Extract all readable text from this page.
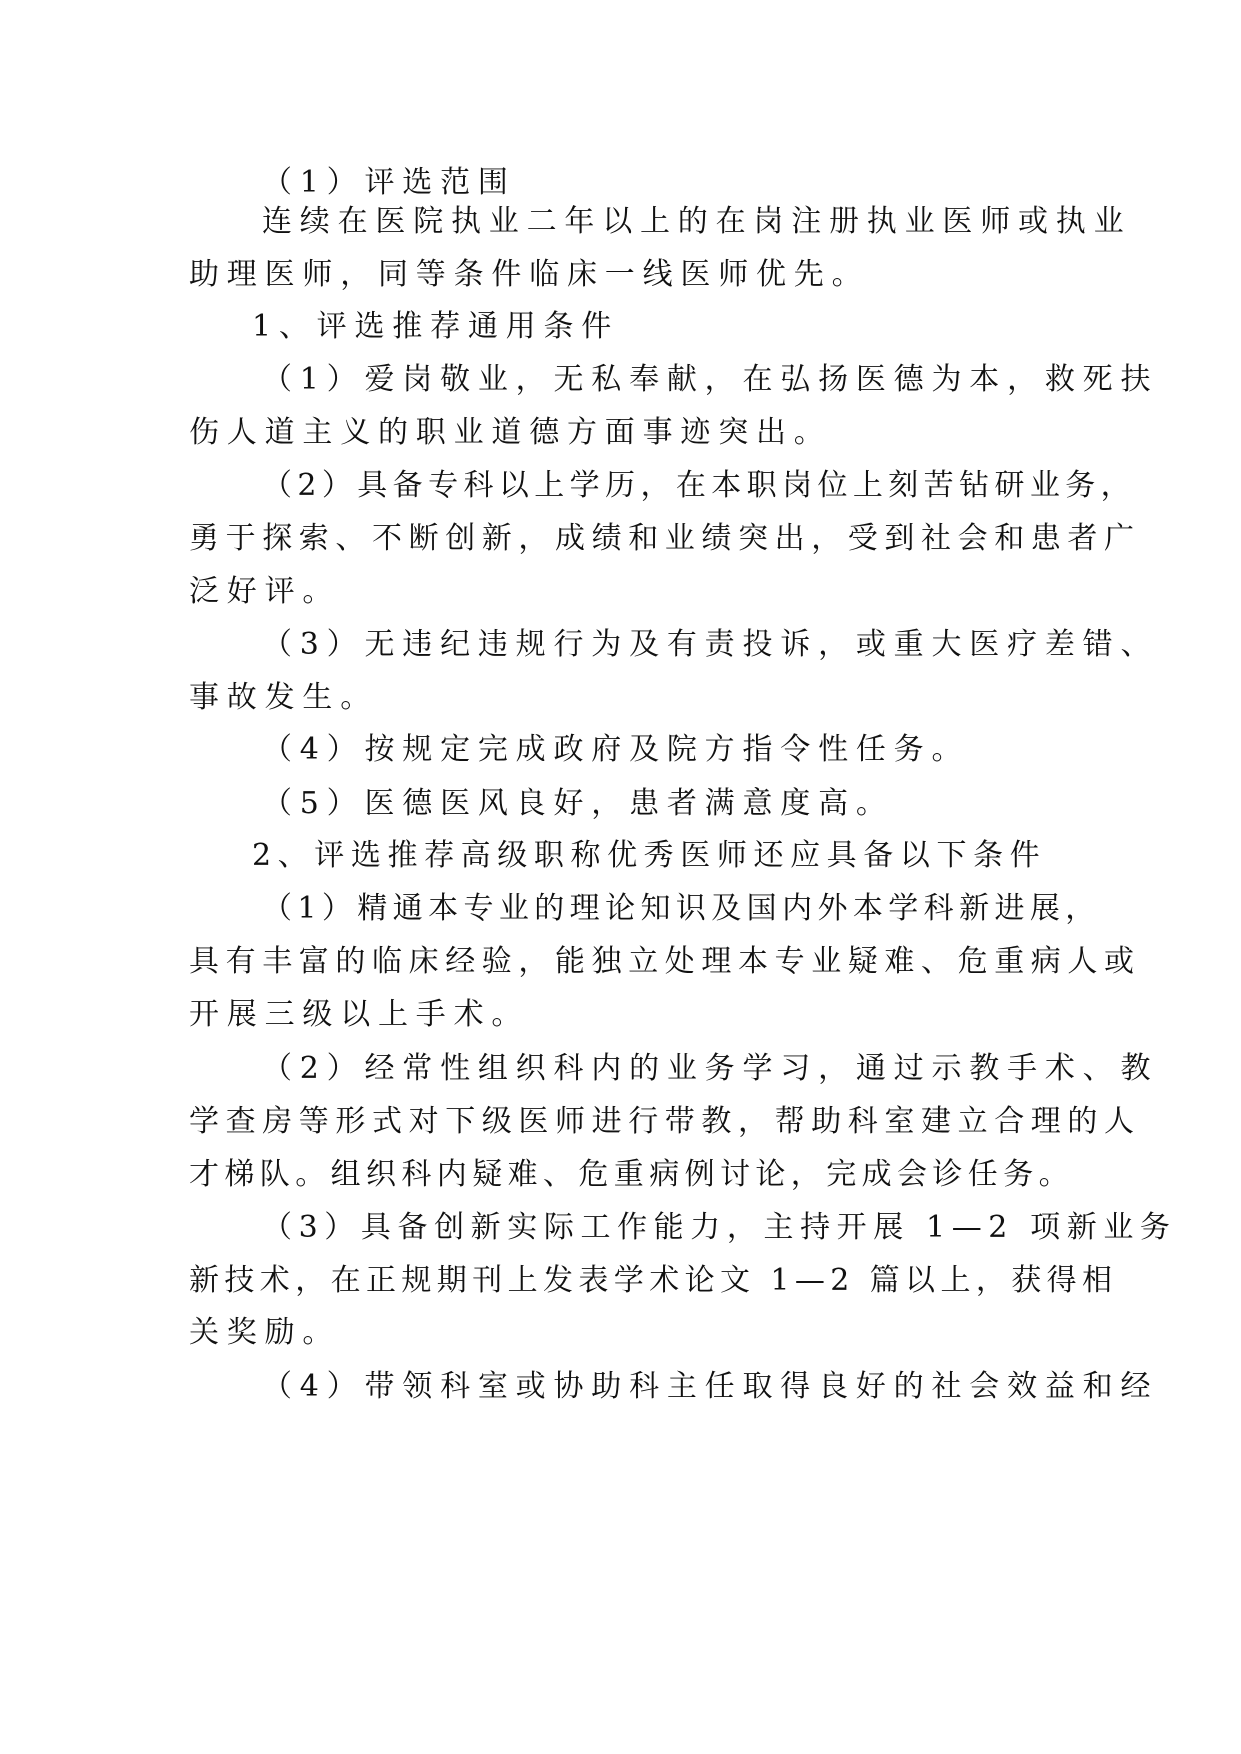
（1）评选范围
连续在医院执业二年以上的在岗注册执业医师或执业
助理医师，同等条件临床一线医师优先。
1、评选推荐通用条件
（1）爱岗敬业，无私奉献，在弘扬医德为本，救死扶
伤人道主义的职业道德方面事迹突出。
（2）具备专科以上学历，在本职岗位上刻苦钻研业务，
勇于探索、不断创新，成绩和业绩突出，受到社会和患者广
泛好评。
（3）无违纪违规行为及有责投诉，或重大医疗差错、
事故发生。
（4）按规定完成政府及院方指令性任务。
（5）医德医风良好，患者满意度高。
2、评选推荐高级职称优秀医师还应具备以下条件
（1）精通本专业的理论知识及国内外本学科新进展，
具有丰富的临床经验，能独立处理本专业疑难、危重病人或
开展三级以上手术。
（2）经常性组织科内的业务学习，通过示教手术、教
学查房等形式对下级医师进行带教，帮助科室建立合理的人
才梯队。组织科内疑难、危重病例讨论，完成会诊任务。
（3）具备创新实际工作能力，主持开展 1—2 项新业务
新技术，在正规期刊上发表学术论文 1—2 篇以上，获得相
关奖励。
（4）带领科室或协助科主任取得良好的社会效益和经
